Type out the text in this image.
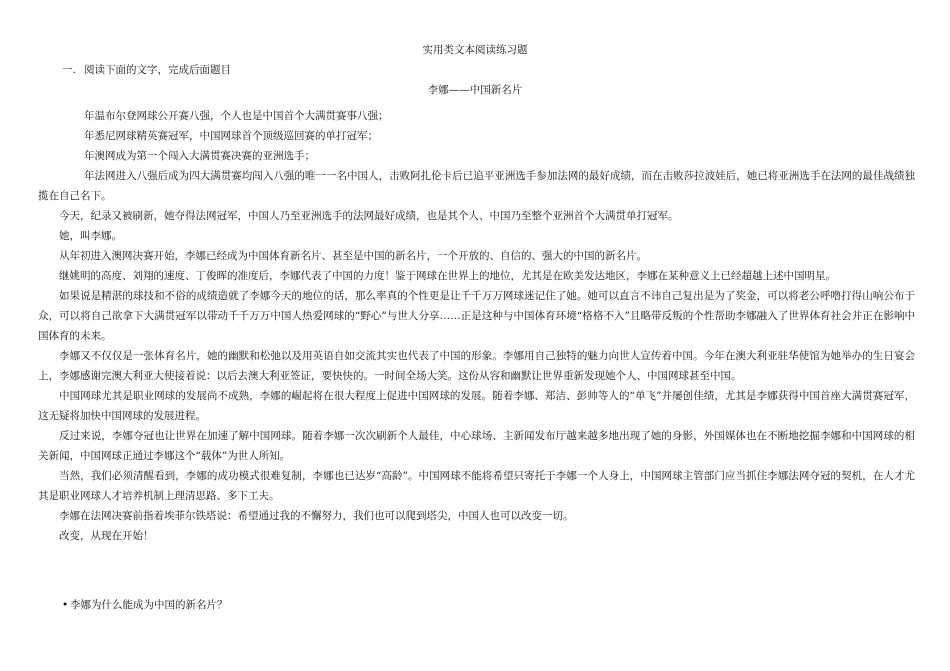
实用类文本阅读练习题
一. 阅读下面的文字，完成后面题目
李娜——中国新名片

年温布尔登网球公开赛八强，个人也是中国首个大满贯赛事八强；

年悉尼网球精英赛冠军，中国网球首个顶级巡回赛的单打冠军；

年澳网成为第一个闯入大满贯赛决赛的亚洲选手；

年法网进入八强后成为四大满贯赛均闯入八强的唯一一名中国人，击败阿扎伦卡后已追平亚洲选手参加法网的最好成绩，而在击败莎拉波娃后，她已将亚洲选手在法网的最佳战绩独揽在自己名下。

今天，纪录又被刷新，她夺得法网冠军，中国人乃至亚洲选手的法网最好成绩，也是其个人、中国乃至整个亚洲首个大满贯单打冠军。

她，叫李娜。

从年初进入澳网决赛开始，李娜已经成为中国体育新名片、甚至是中国的新名片，一个开放的、自信的、强大的中国的新名片。

继姚明的高度、刘翔的速度、丁俊晖的准度后，李娜代表了中国的力度！鉴于网球在世界上的地位，尤其是在欧美发达地区，李娜在某种意义上已经超越上述中国明星。

如果说是精湛的球技和不俗的成绩造就了李娜今天的地位的话，那么率真的个性更是让千千万万网球迷记住了她。她可以直言不讳自己复出是为了奖金，可以将老公呼噜打得山响公布于众，可以将自己欲拿下大满贯冠军以带动千千万万中国人热爱网球的“野心”与世人分享……正是这种与中国体育环境“格格不入”且略带反叛的个性帮助李娜融入了世界体育社会并正在影响中国体育的未来。

李娜又不仅仅是一张体育名片，她的幽默和松弛以及用英语自如交流其实也代表了中国的形象。李娜用自己独特的魅力向世人宣传着中国。今年在澳大利亚驻华使馆为她举办的生日宴会上，李娜感谢完澳大利亚大使接着说：以后去澳大利亚签证，要快快的。一时间全场大笑。这份从容和幽默让世界重新发现她个人、中国网球甚至中国。

中国网球尤其是职业网球的发展尚不成熟，李娜的崛起将在很大程度上促进中国网球的发展。随着李娜、郑洁、彭帅等人的“单飞”并屡创佳绩，尤其是李娜获得中国首座大满贯赛冠军，这无疑将加快中国网球的发展进程。

反过来说，李娜夺冠也让世界在加速了解中国网球。随着李娜一次次刷新个人最佳，中心球场、主新闻发布厅越来越多地出现了她的身影，外国媒体也在不断地挖掘李娜和中国网球的相关新闻，中国网球正通过李娜这个“载体”为世人所知。

当然，我们必须清醒看到，李娜的成功模式很难复制，李娜也已达岁“高龄”。中国网球不能将希望只寄托于李娜一个人身上，中国网球主管部门应当抓住李娜法网夺冠的契机，在人才尤其是职业网球人才培养机制上理清思路、多下工夫。

李娜在法网决赛前指着埃菲尔铁塔说：希望通过我的不懈努力，我们也可以爬到塔尖，中国人也可以改变一切。

改变，从现在开始！

• 李娜为什么能成为中国的新名片？
